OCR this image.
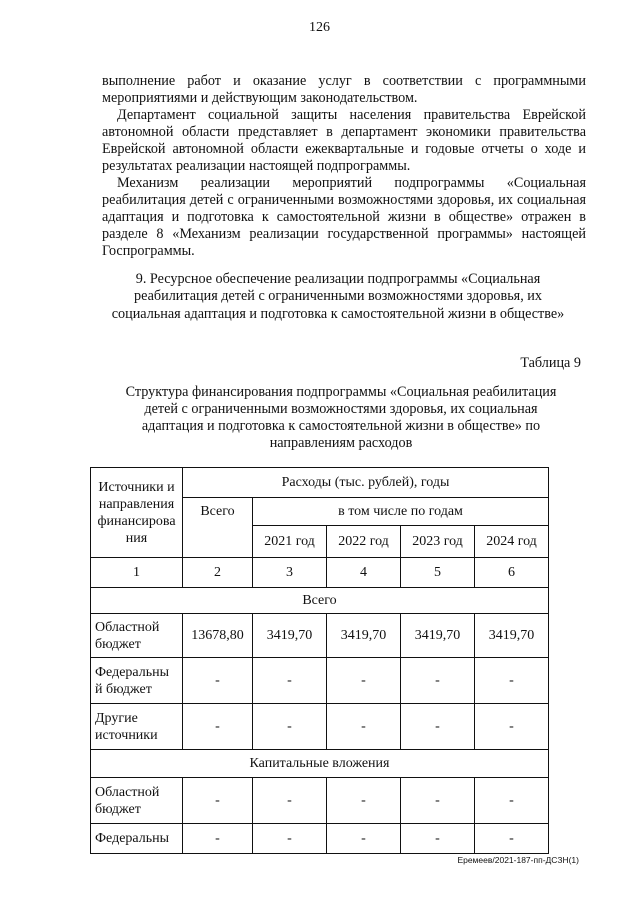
126

выполнение работ и оказание услуг в соответствии с программными мероприятиями и действующим законодательством.

Департамент социальной защиты населения правительства Еврейской автономной области представляет в департамент экономики правительства Еврейской автономной области ежеквартальные и годовые отчеты о ходе и результатах реализации настоящей подпрограммы.

Механизм реализации мероприятий подпрограммы «Социальная реабилитация детей с ограниченными возможностями здоровья, их социальная адаптация и подготовка к самостоятельной жизни в обществе» отражен в разделе 8 «Механизм реализации государственной программы» настоящей Госпрограммы.

9. Ресурсное обеспечение реализации подпрограммы «Социальная реабилитация детей с ограниченными возможностями здоровья, их социальная адаптация и подготовка к самостоятельной жизни в обществе»
Таблица 9
Структура финансирования подпрограммы «Социальная реабилитация детей с ограниченными возможностями здоровья, их социальная адаптация и подготовка к самостоятельной жизни в обществе» по направлениям расходов
Источники и направления финансирова ния	Расходы (тыс. рублей), годы				
	Всего	в том числе по годам			
		2021 год	2022 год	2023 год	2024 год
1	2	3	4	5	6
Всего					
Областной бюджет	13678,80	3419,70	3419,70	3419,70	3419,70
Федеральны й бюджет	-	-	-	-	-
Другие источники	-	-	-	-	-
Капитальные вложения					
Областной бюджет	-	-	-	-	-
Федеральны	-	-	-	-	-
Еремеев/2021-187-пп-ДСЗН(1)
